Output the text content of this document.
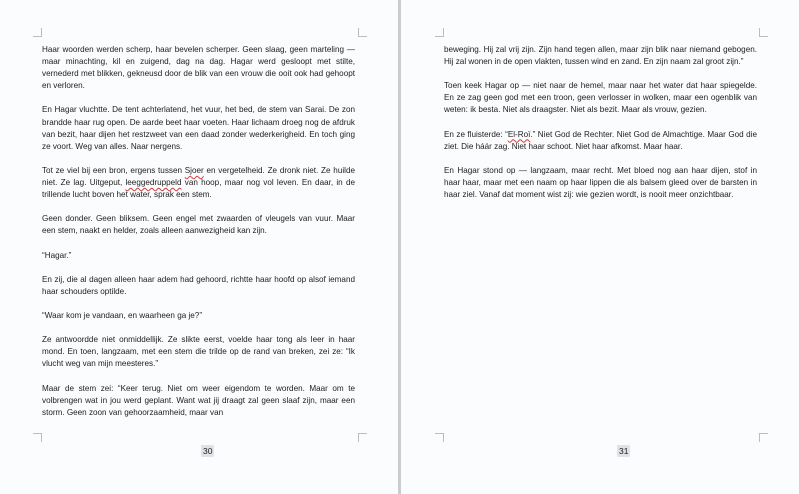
Haar woorden werden scherp, haar bevelen scherper. Geen slaag, geen marteling — maar minachting, kil en zuigend, dag na dag. Hagar werd gesloopt met stilte, vernederd met blikken, gekneusd door de blik van een vrouw die ooit ook had gehoopt en verloren.

En Hagar vluchtte. De tent achterlatend, het vuur, het bed, de stem van Sarai. De zon brandde haar rug open. De aarde beet haar voeten. Haar lichaam droeg nog de afdruk van bezit, haar dijen het restzweet van een daad zonder wederkerigheid. En toch ging ze voort. Weg van alles. Naar nergens.

Tot ze viel bij een bron, ergens tussen Sjoer en vergetelheid. Ze dronk niet. Ze huilde niet. Ze lag. Uitgeput, leeggedruppeld van hoop, maar nog vol leven. En daar, in de trillende lucht boven het water, sprak een stem.

Geen donder. Geen bliksem. Geen engel met zwaarden of vleugels van vuur. Maar een stem, naakt en helder, zoals alleen aanwezigheid kan zijn.

“Hagar.”

En zij, die al dagen alleen haar adem had gehoord, richtte haar hoofd op alsof iemand haar schouders optilde.

“Waar kom je vandaan, en waarheen ga je?”

Ze antwoordde niet onmiddellijk. Ze slikte eerst, voelde haar tong als leer in haar mond. En toen, langzaam, met een stem die trilde op de rand van breken, zei ze: “Ik vlucht weg van mijn meesteres.”

Maar de stem zei: “Keer terug. Niet om weer eigendom te worden. Maar om te volbrengen wat in jou werd geplant. Want wat jij draagt zal geen slaaf zijn, maar een storm. Geen zoon van gehoorzaamheid, maar van

30

beweging. Hij zal vrij zijn. Zijn hand tegen allen, maar zijn blik naar niemand gebogen. Hij zal wonen in de open vlakten, tussen wind en zand. En zijn naam zal groot zijn.”

Toen keek Hagar op — niet naar de hemel, maar naar het water dat haar spiegelde. En ze zag geen god met een troon, geen verlosser in wolken, maar een ogenblik van weten: ik besta. Niet als draagster. Niet als bezit. Maar als vrouw, gezien.

En ze fluisterde: “El-Roï.” Niet God de Rechter. Niet God de Almachtige. Maar God die ziet. Die háár zag. Niet haar schoot. Niet haar afkomst. Maar haar.

En Hagar stond op — langzaam, maar recht. Met bloed nog aan haar dijen, stof in haar haar, maar met een naam op haar lippen die als balsem gleed over de barsten in haar ziel. Vanaf dat moment wist zij: wie gezien wordt, is nooit meer onzichtbaar.

31
